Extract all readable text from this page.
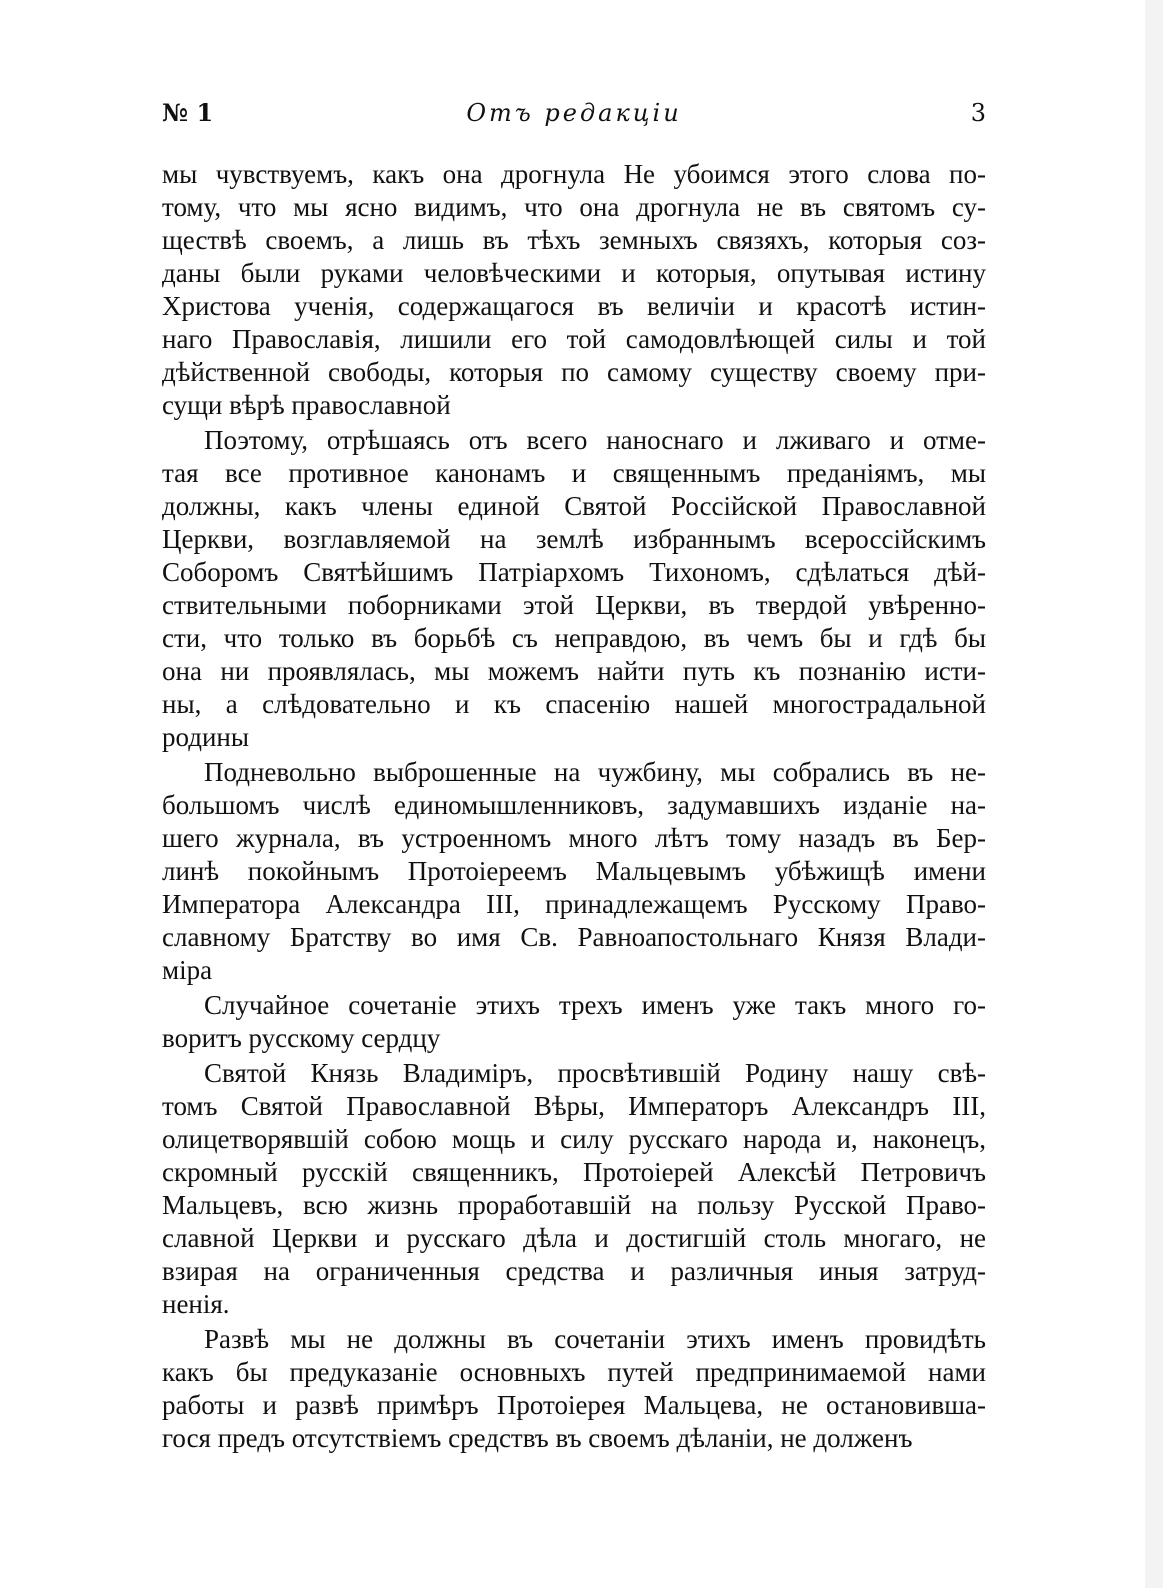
№ 1	Отъ редакціи	3
мы чувствуемъ, какъ она дрогнула Не убоимся этого слова по-
тому, что мы ясно видимъ, что она дрогнула не въ святомъ су-
ществѣ своемъ, а лишь въ тѣхъ земныхъ связяхъ, которыя соз-
даны были руками человѣческими и которыя, опутывая истину
Христова ученія, содержащагося въ величіи и красотѣ истин-
наго Православія, лишили его той самодовлѣющей силы и той
дѣйственной свободы, которыя по самому существу своему при-
сущи вѣрѣ православной
Поэтому, отрѣшаясь отъ всего наноснаго и лживаго и отме-
тая все противное канонамъ и священнымъ преданіямъ, мы
должны, какъ члены единой Святой Россійской Православной
Церкви, возглавляемой на землѣ избраннымъ всероссійскимъ
Соборомъ Святѣйшимъ Патріархомъ Тихономъ, сдѣлаться дѣй-
ствительными поборниками этой Церкви, въ твердой увѣренно-
сти, что только въ борьбѣ съ неправдою, въ чемъ бы и гдѣ бы
она ни проявлялась, мы можемъ найти путь къ познанію исти-
ны, а слѣдовательно и къ спасенію нашей многострадальной
родины
Подневольно выброшенные на чужбину, мы собрались въ не-
большомъ числѣ единомышленниковъ, задумавшихъ изданіе на-
шего журнала, въ устроенномъ много лѣтъ тому назадъ въ Бер-
линѣ покойнымъ Протоіереемъ Мальцевымъ убѣжищѣ имени
Императора Александра III, принадлежащемъ Русскому Право-
славному Братству во имя Св. Равноапостольнаго Князя Влади-
міра
Случайное сочетаніе этихъ трехъ именъ уже такъ много го-
воритъ русскому сердцу
Святой Князь Владиміръ, просвѣтившій Родину нашу свѣ-
томъ Святой Православной Вѣры, Императоръ Александръ III,
олицетворявшій собою мощь и силу русскаго народа и, наконецъ,
скромный русскій священникъ, Протоіерей Алексѣй Петровичъ
Мальцевъ, всю жизнь проработавшій на пользу Русской Право-
славной Церкви и русскаго дѣла и достигшій столь многаго, не
взирая на ограниченныя средства и различныя иныя затруд-
ненія.
Развѣ мы не должны въ сочетаніи этихъ именъ провидѣть
какъ бы предуказаніе основныхъ путей предпринимаемой нами
работы и развѣ примѣръ Протоіерея Мальцева, не остановивша-
гося предъ отсутствіемъ средствъ въ своемъ дѣланіи, не долженъ
